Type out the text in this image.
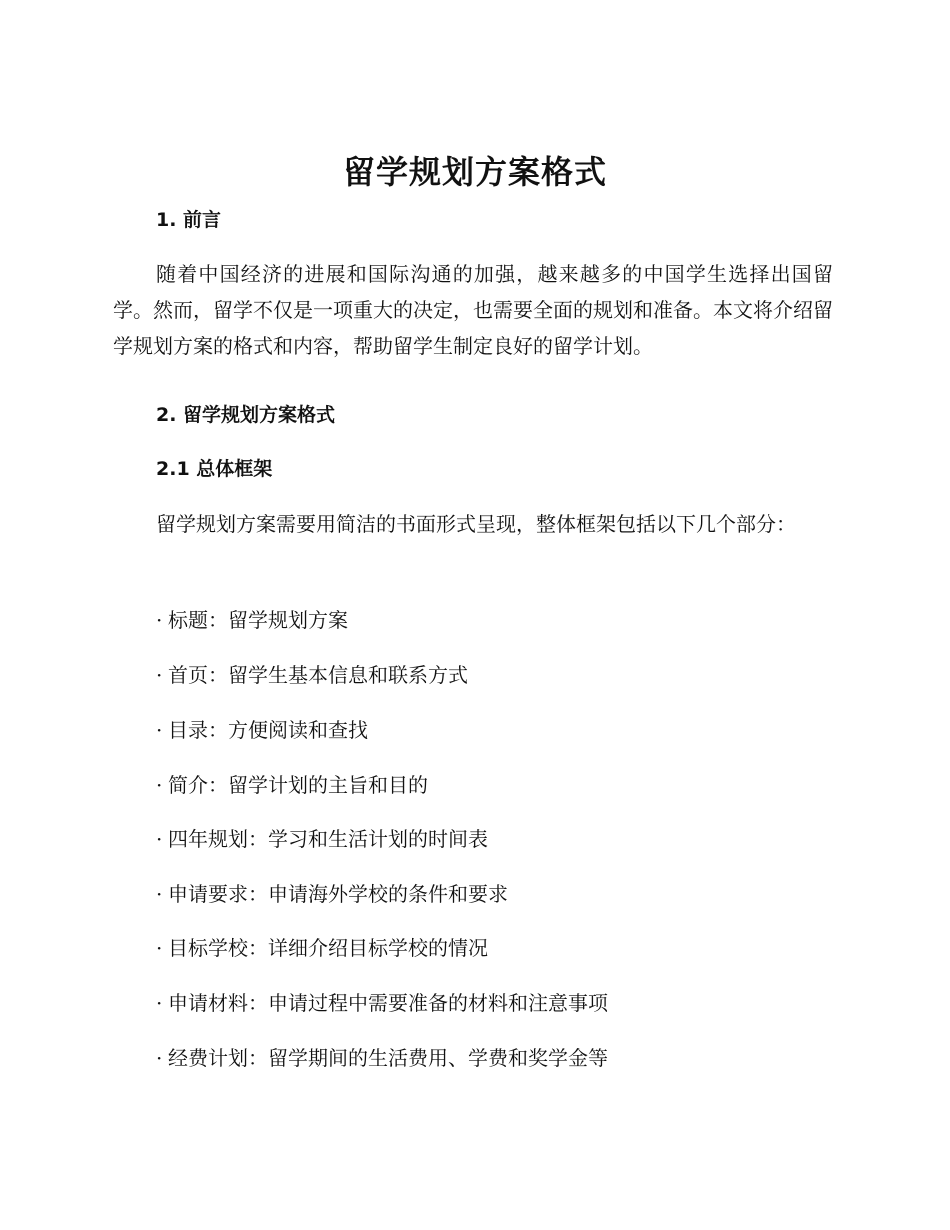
留学规划方案格式
1. 前言

随着中国经济的进展和国际沟通的加强，越来越多的中国学生选择出国留学。然而，留学不仅是一项重大的决定，也需要全面的规划和准备。本文将介绍留学规划方案的格式和内容，帮助留学生制定良好的留学计划。

2. 留学规划方案格式
2.1 总体框架

留学规划方案需要用简洁的书面形式呈现，整体框架包括以下几个部分：

· 标题：留学规划方案
· 首页：留学生基本信息和联系方式
· 目录：方便阅读和查找
· 简介：留学计划的主旨和目的
· 四年规划：学习和生活计划的时间表
· 申请要求：申请海外学校的条件和要求
· 目标学校：详细介绍目标学校的情况
· 申请材料：申请过程中需要准备的材料和注意事项
· 经费计划：留学期间的生活费用、学费和奖学金等
